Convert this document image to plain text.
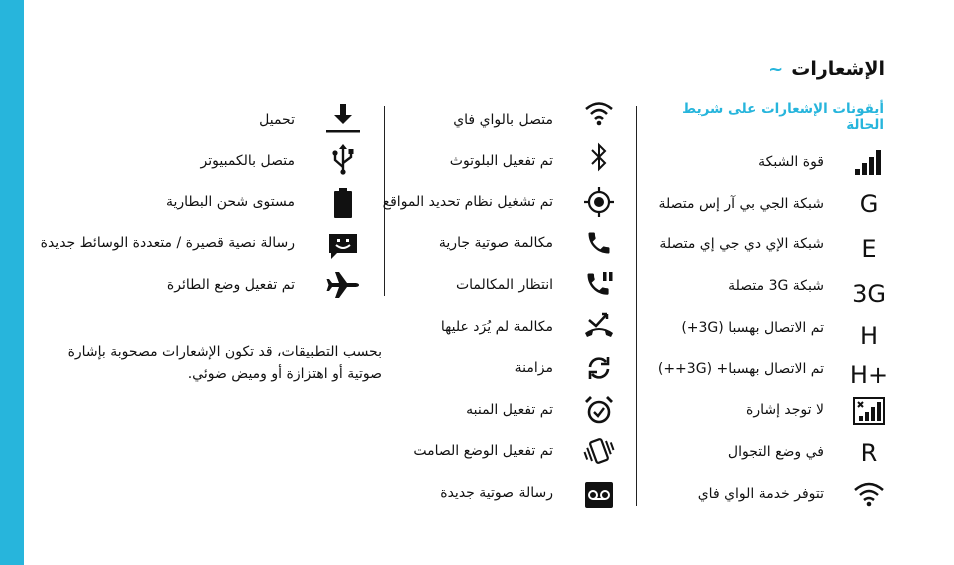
الإشعارات
~
أيقونات الإشعارات على شريط الحالة
قوة الشبكة
G
شبكة الجي بي آر إس متصلة
E
شبكة الإي دي جي إي متصلة
3G
شبكة 3G متصلة
H
تم الاتصال بهسبا (3G+)
H+
تم الاتصال بهسبا+ (3G++)
لا توجد إشارة
R
في وضع التجوال
تتوفر خدمة الواي فاي
متصل بالواي فاي
تم تفعيل البلوتوث
تم تشغيل نظام تحديد المواقع
مكالمة صوتية جارية
انتظار المكالمات
مكالمة لم يُرَد عليها
مزامنة
تم تفعيل المنبه
تم تفعيل الوضع الصامت
رسالة صوتية جديدة
تحميل
متصل بالكمبيوتر
مستوى شحن البطارية
رسالة نصية قصيرة / متعددة الوسائط جديدة
تم تفعيل وضع الطائرة
بحسب التطبيقات، قد تكون الإشعارات مصحوبة بإشارة صوتية أو اهتزازة أو وميض ضوئي.
